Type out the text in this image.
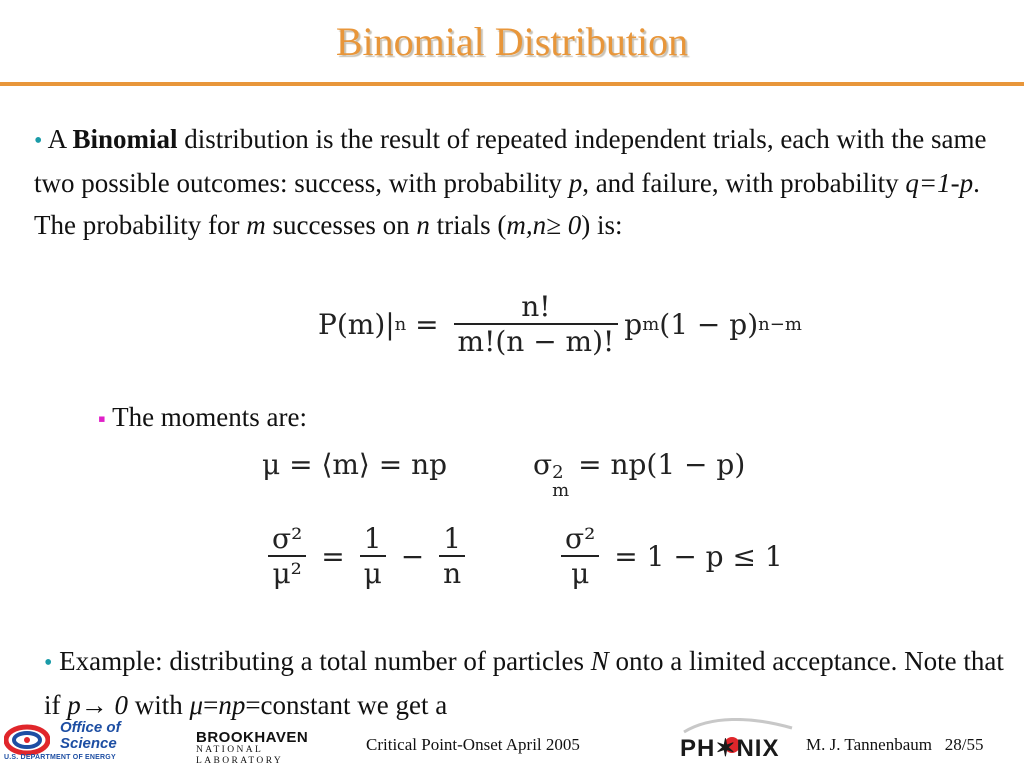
Binomial Distribution
• A Binomial distribution is the result of repeated independent trials, each with the same two possible outcomes: success, with probability p, and failure, with probability q=1-p. The probability for m successes on n trials (m,n≥ 0) is:
P(m)| $n = \frac{n!}{m!(n - m)!}$ p m (1 − p) n−m
▪ The moments are:
μ = ⟨m⟩ = np	σ 2
m
= np(1 − p)
$\frac{\text{σ²}}{\text{μ²}} = \frac{1}{\mu} - \frac{1}{n}$	$\frac{\text{σ²}}{\mu} = 1 - p \le 1$
• Example: distributing a total number of particles N onto a limited acceptance. Note that if p→ 0 with μ=np=constant we get a
Office of
Science
U.S. DEPARTMENT OF ENERGY
BROOKHAVEN
NATIONAL LABORATORY
Critical Point-Onset April 2005	PH✶NIX M. J. Tannenbaum   28/55
